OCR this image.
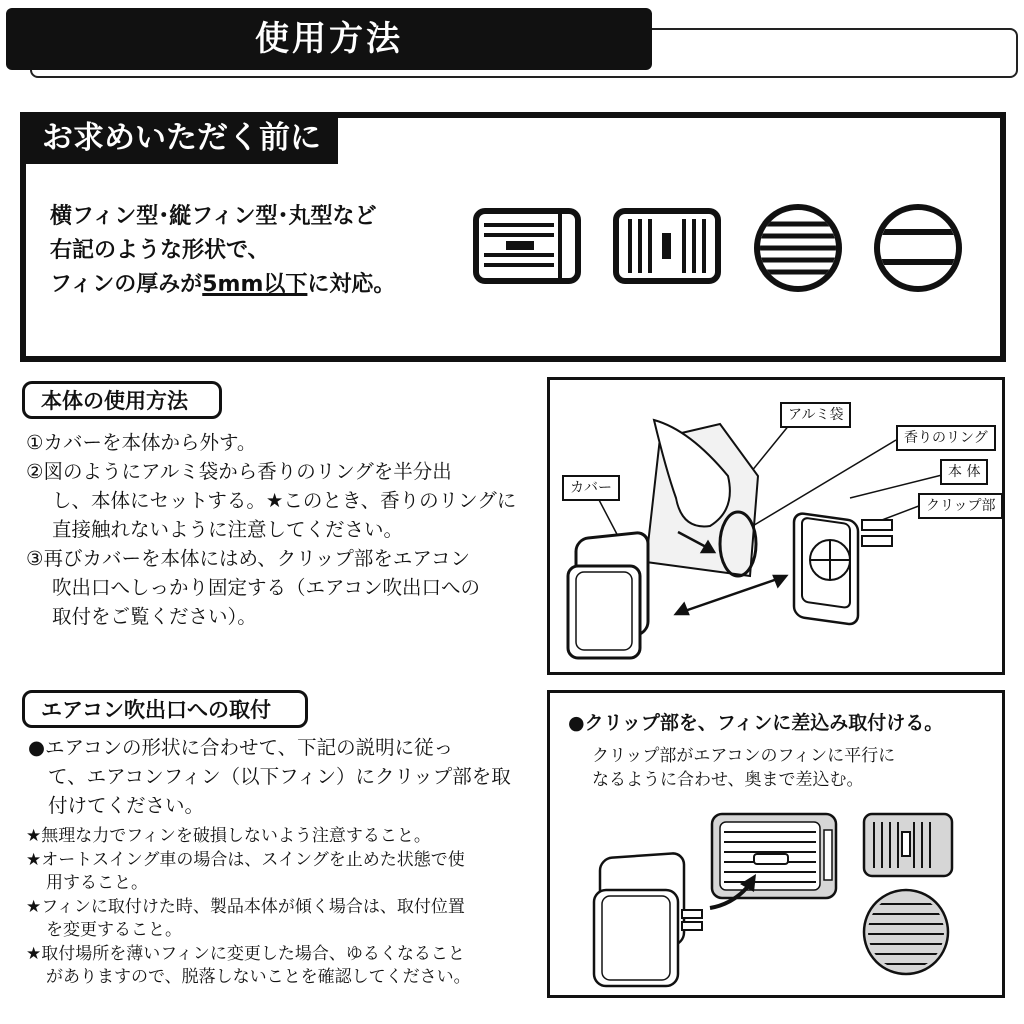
使用方法
お求めいただく前に
横フィン型･縦フィン型･丸型など
右記のような形状で、
フィンの厚みが5mm以下に対応。
本体の使用方法
①カバーを本体から外す。
②図のようにアルミ袋から香りのリングを半分出
し、本体にセットする。★このとき、香りのリングに
直接触れないように注意してください。
③再びカバーを本体にはめ、クリップ部をエアコン
吹出口へしっかり固定する（エアコン吹出口への
取付をご覧ください）。
エアコン吹出口への取付
●エアコンの形状に合わせて、下記の説明に従っ
て、エアコンフィン（以下フィン）にクリップ部を取
付けてください。
★無理な力でフィンを破損しないよう注意すること。
★オートスイング車の場合は、スイングを止めた状態で使
用すること。
★フィンに取付けた時、製品本体が傾く場合は、取付位置
を変更すること。
★取付場所を薄いフィンに変更した場合、ゆるくなること
がありますので、脱落しないことを確認してください。
アルミ袋
香りのリング
本 体
クリップ部
カバー
●クリップ部を、フィンに差込み取付ける。
クリップ部がエアコンのフィンに平行に
なるように合わせ、奥まで差込む。
